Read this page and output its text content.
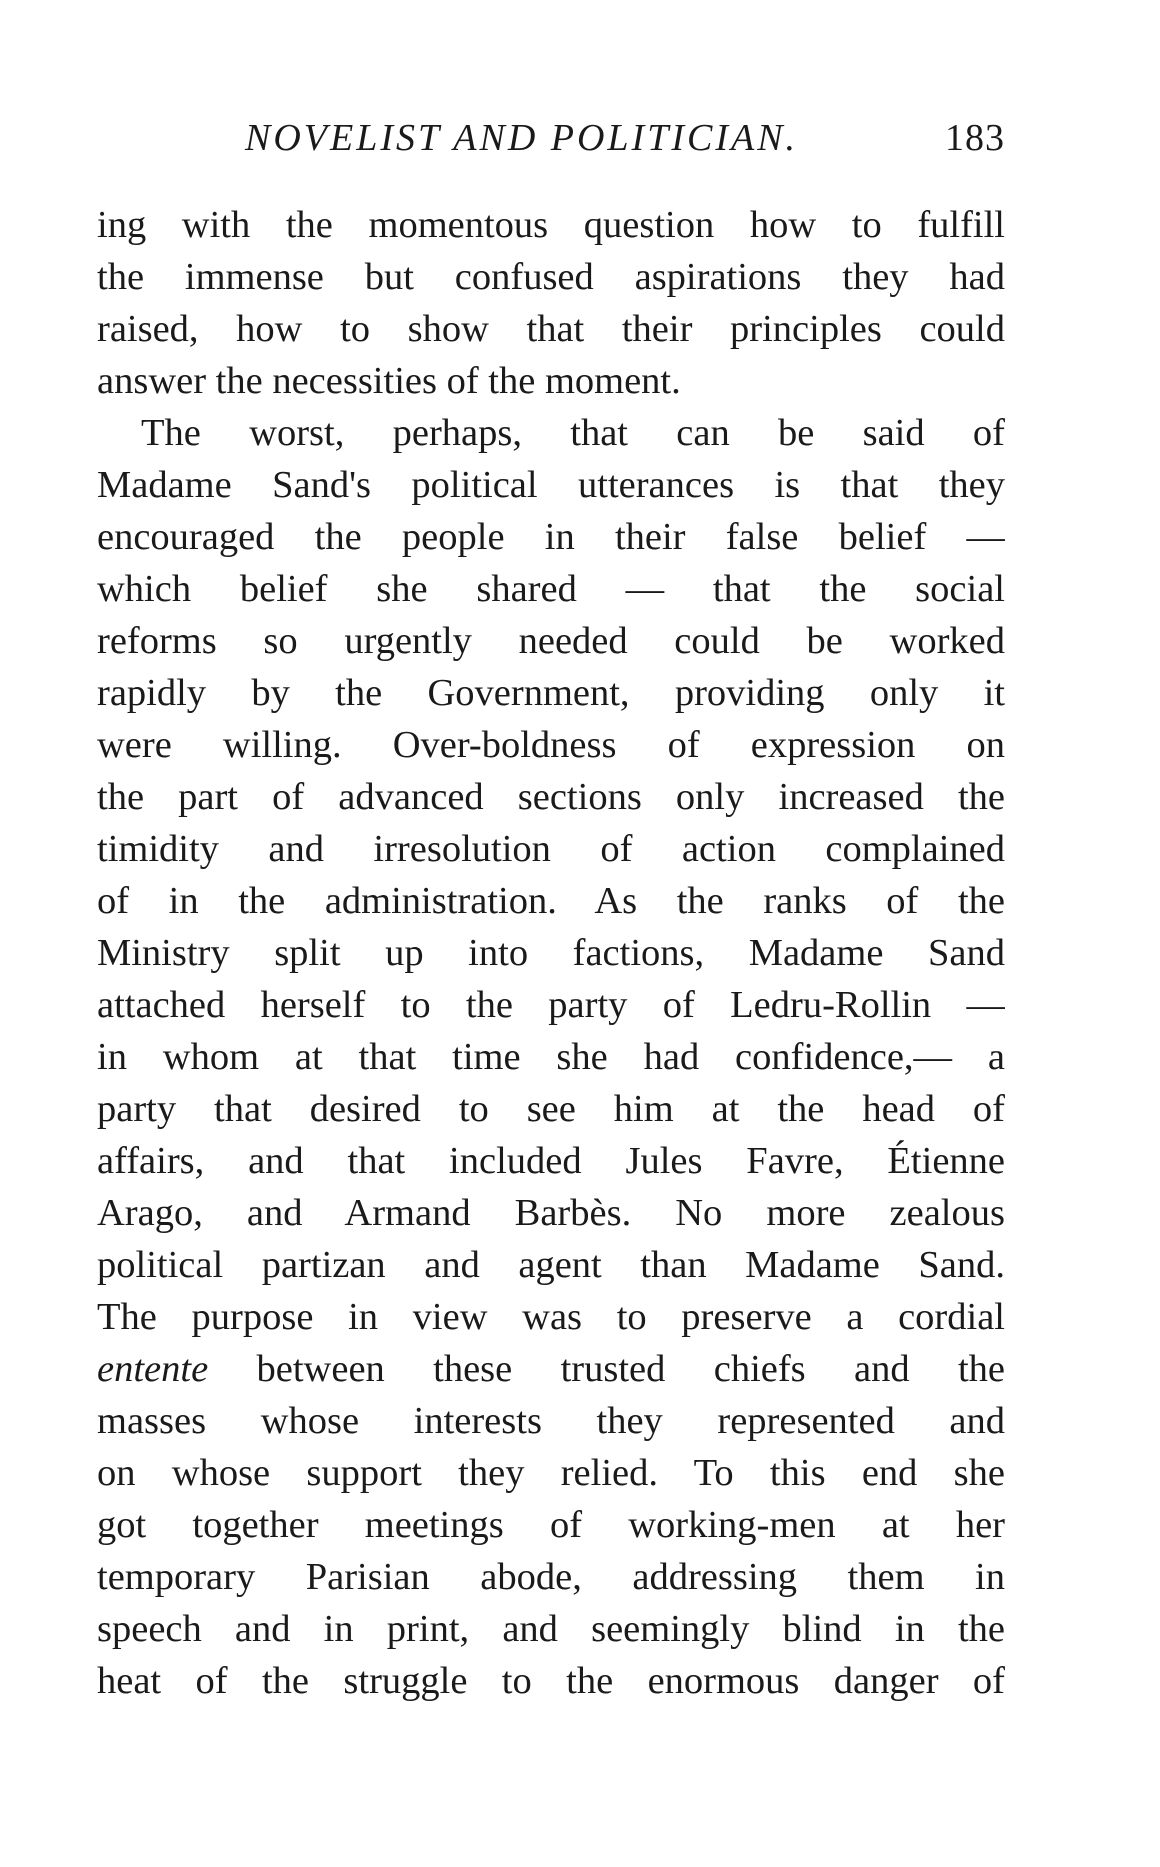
NOVELIST AND POLITICIAN.	183
ing with the momentous question how to fulfill
the immense but confused aspirations they had
raised, how to show that their principles could
answer the necessities of the moment.
The worst, perhaps, that can be said of
Madame Sand's political utterances is that they
encouraged the people in their false belief —
which belief she shared — that the social
reforms so urgently needed could be worked
rapidly by the Government, providing only it
were willing. Over-boldness of expression on
the part of advanced sections only increased the
timidity and irresolution of action complained
of in the administration. As the ranks of the
Ministry split up into factions, Madame Sand
attached herself to the party of Ledru-Rollin —
in whom at that time she had confidence,— a
party that desired to see him at the head of
affairs, and that included Jules Favre, Étienne
Arago, and Armand Barbès. No more zealous
political partizan and agent than Madame Sand.
The purpose in view was to preserve a cordial
entente between these trusted chiefs and the
masses whose interests they represented and
on whose support they relied. To this end she
got together meetings of working-men at her
temporary Parisian abode, addressing them in
speech and in print, and seemingly blind in the
heat of the struggle to the enormous danger of
